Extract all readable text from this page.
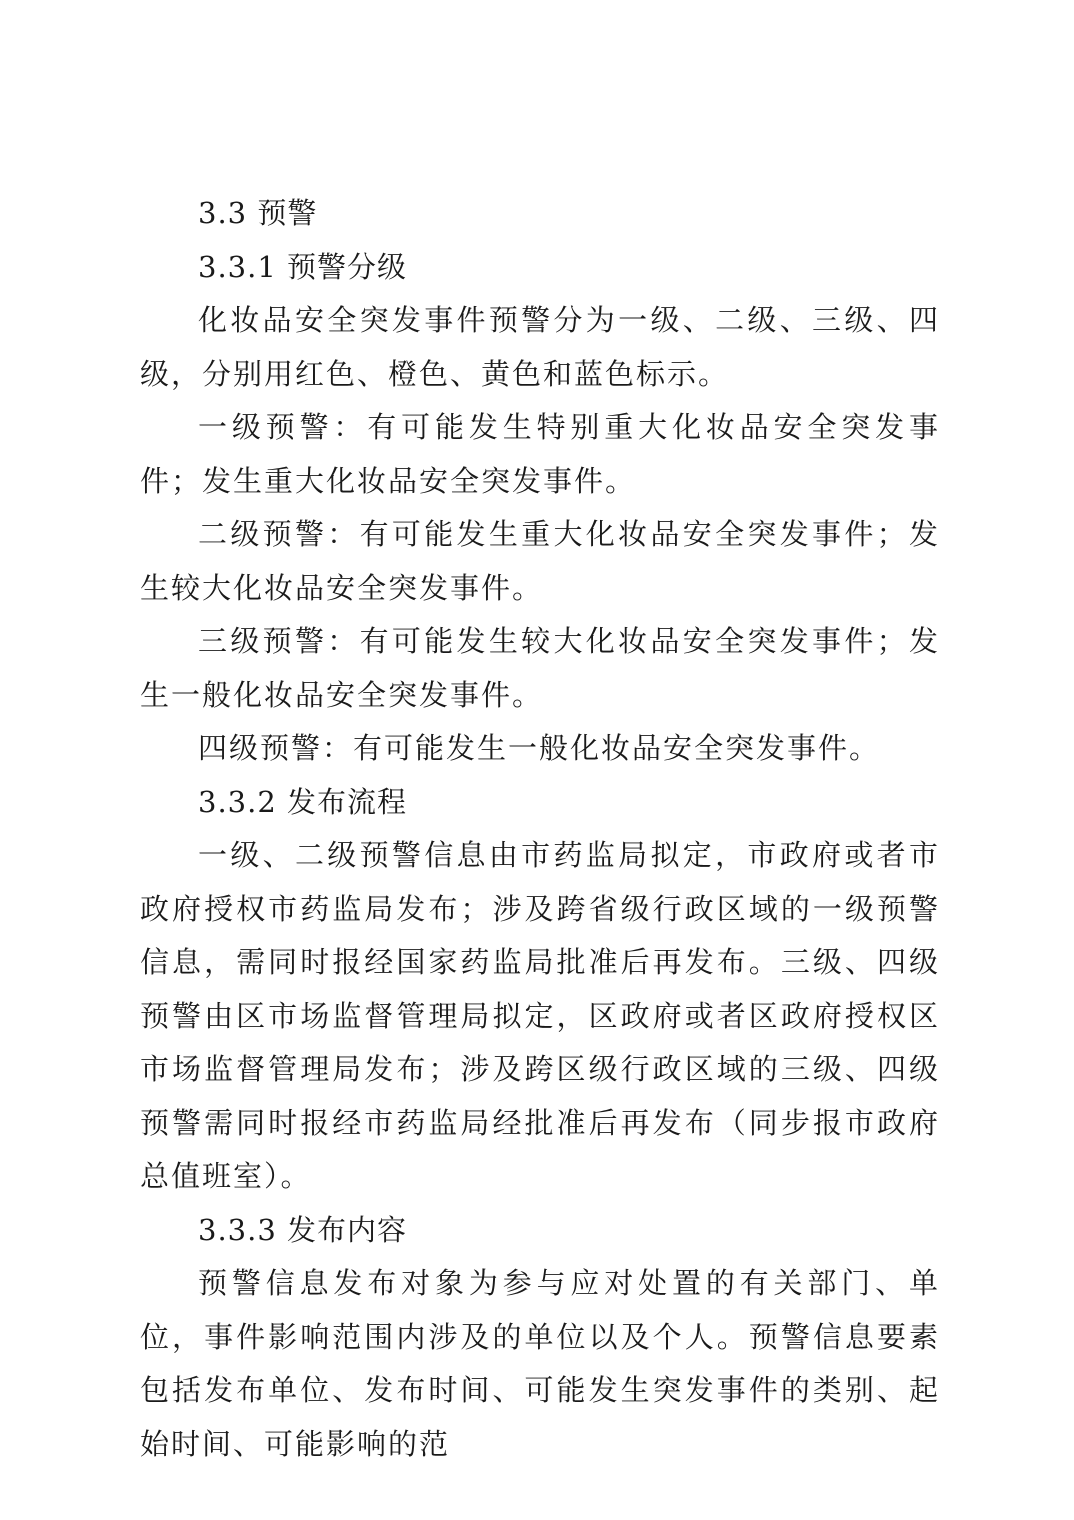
3.3 预警

3.3.1 预警分级

化妆品安全突发事件预警分为一级、二级、三级、四级，分别用红色、橙色、黄色和蓝色标示。

一级预警：有可能发生特别重大化妆品安全突发事件；发生重大化妆品安全突发事件。

二级预警：有可能发生重大化妆品安全突发事件；发生较大化妆品安全突发事件。

三级预警：有可能发生较大化妆品安全突发事件；发生一般化妆品安全突发事件。

四级预警：有可能发生一般化妆品安全突发事件。

3.3.2 发布流程

一级、二级预警信息由市药监局拟定，市政府或者市政府授权市药监局发布；涉及跨省级行政区域的一级预警信息，需同时报经国家药监局批准后再发布。三级、四级预警由区市场监督管理局拟定，区政府或者区政府授权区市场监督管理局发布；涉及跨区级行政区域的三级、四级预警需同时报经市药监局经批准后再发布（同步报市政府总值班室）。

3.3.3 发布内容

预警信息发布对象为参与应对处置的有关部门、单位，事件影响范围内涉及的单位以及个人。预警信息要素包括发布单位、发布时间、可能发生突发事件的类别、起始时间、可能影响的范
